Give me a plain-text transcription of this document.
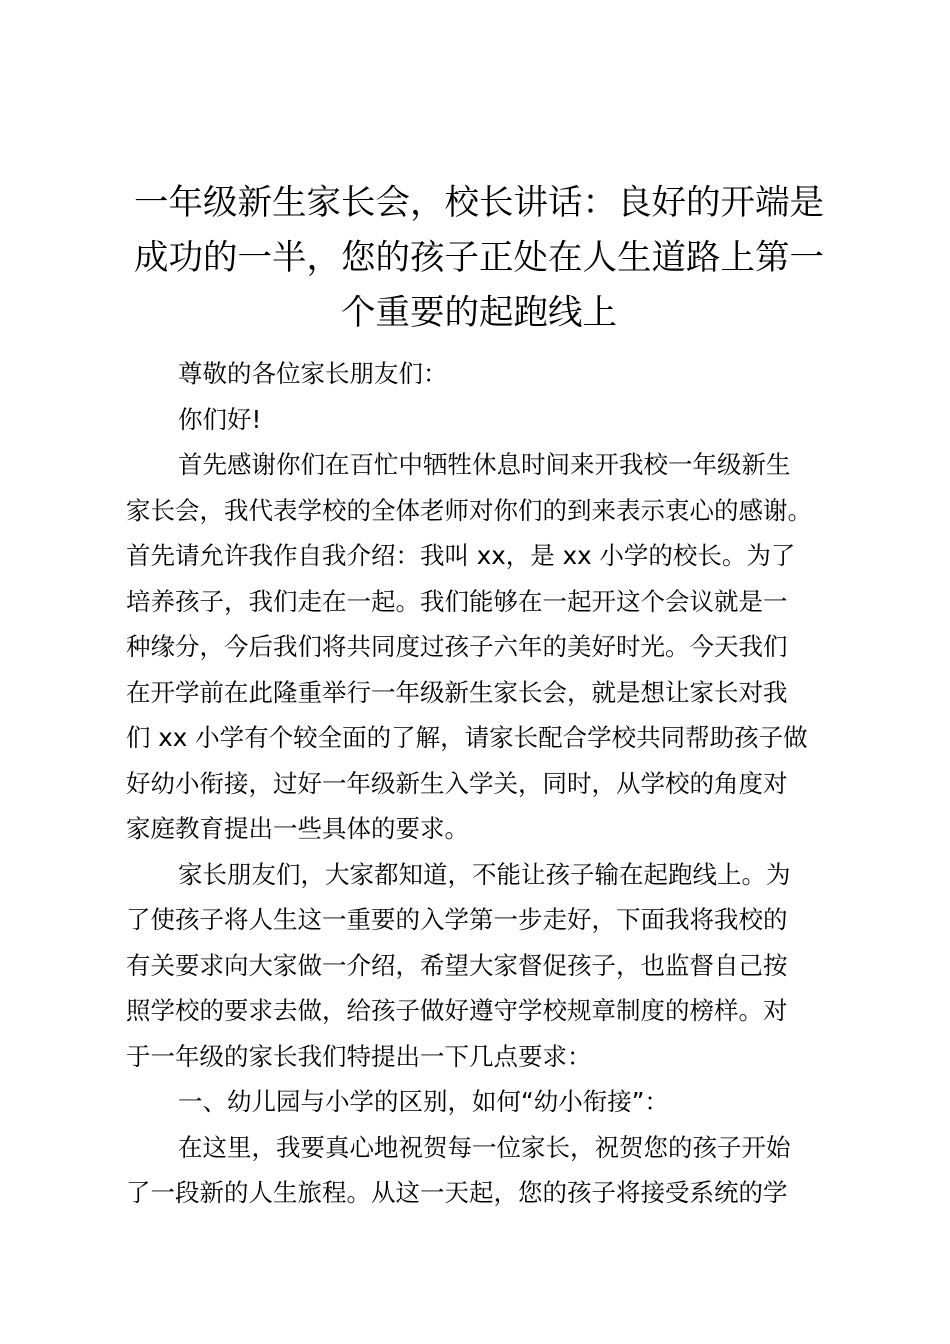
一年级新生家长会，校长讲话：良好的开端是
成功的一半，您的孩子正处在人生道路上第一
个重要的起跑线上

尊敬的各位家长朋友们：

你们好!

首先感谢你们在百忙中牺牲休息时间来开我校一年级新生
家长会，我代表学校的全体老师对你们的到来表示衷心的感谢。
首先请允许我作自我介绍：我叫 xx，是 xx 小学的校长。为了
培养孩子，我们走在一起。我们能够在一起开这个会议就是一
种缘分，今后我们将共同度过孩子六年的美好时光。今天我们
在开学前在此隆重举行一年级新生家长会，就是想让家长对我
们 xx 小学有个较全面的了解，请家长配合学校共同帮助孩子做
好幼小衔接，过好一年级新生入学关，同时，从学校的角度对
家庭教育提出一些具体的要求。

家长朋友们，大家都知道，不能让孩子输在起跑线上。为
了使孩子将人生这一重要的入学第一步走好，下面我将我校的
有关要求向大家做一介绍，希望大家督促孩子，也监督自己按
照学校的要求去做，给孩子做好遵守学校规章制度的榜样。对
于一年级的家长我们特提出一下几点要求：

一、幼儿园与小学的区别，如何“幼小衔接”：

在这里，我要真心地祝贺每一位家长，祝贺您的孩子开始
了一段新的人生旅程。从这一天起，您的孩子将接受系统的学
